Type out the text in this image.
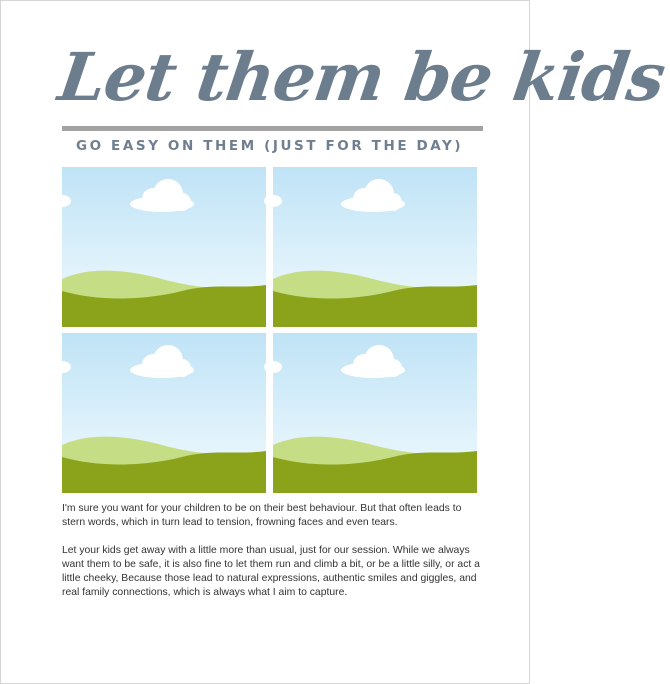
Let them be kids
GO EASY ON THEM (JUST FOR THE DAY)

I'm sure you want for your children to be on their best behaviour. But that often leads to stern words, which in turn lead to tension, frowning faces and even tears.

Let your kids get away with a little more than usual, just for our session. While we always want them to be safe, it is also fine to let them run and climb a bit, or be a little silly, or act a little cheeky, Because those lead to natural expressions, authentic smiles and giggles, and real family connections, which is always what I aim to capture.
